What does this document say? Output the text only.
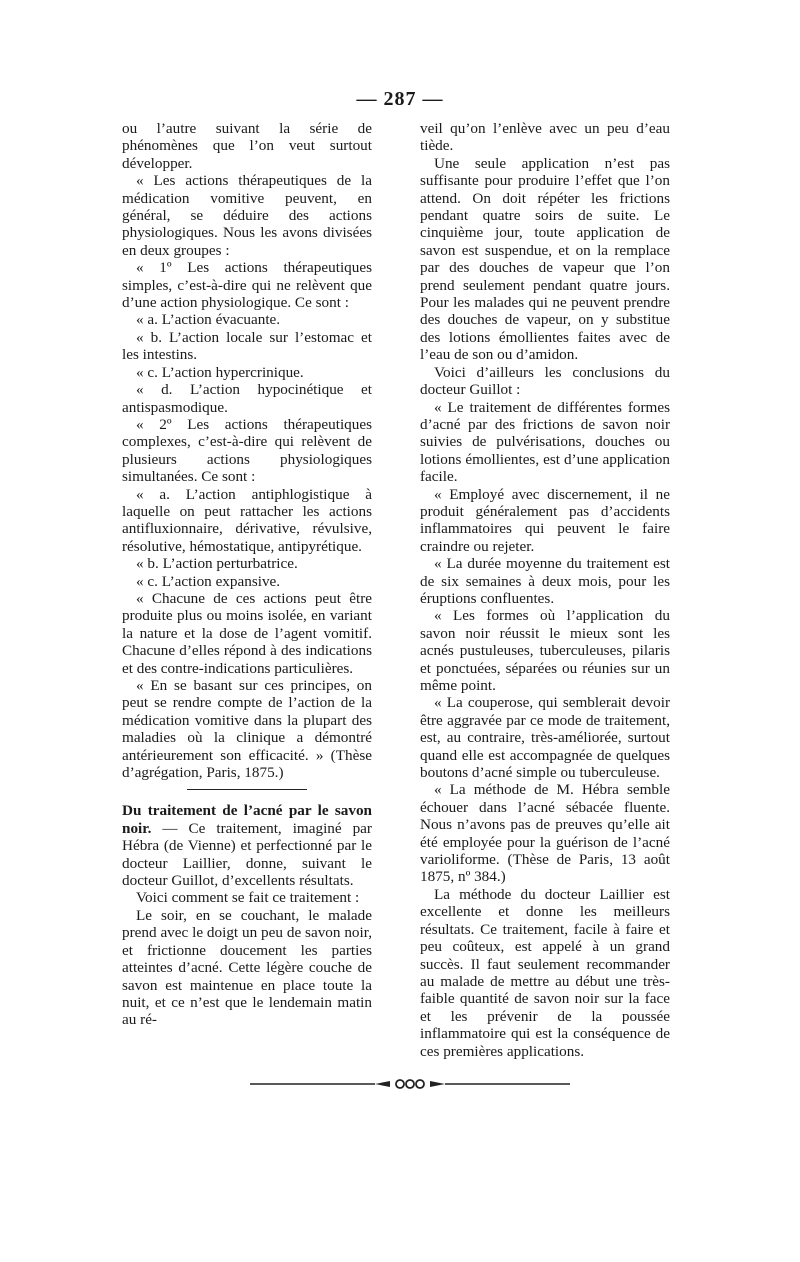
— 287 —

ou l’autre suivant la série de phénomènes que l’on veut surtout développer.

« Les actions thérapeutiques de la médication vomitive peuvent, en général, se déduire des actions physiologiques. Nous les avons divisées en deux groupes :

« 1º Les actions thérapeutiques simples, c’est-à-dire qui ne relèvent que d’une action physiologique. Ce sont :

« a. L’action évacuante.

« b. L’action locale sur l’estomac et les intestins.

« c. L’action hypercrinique.

« d. L’action hypocinétique et antispasmodique.

« 2º Les actions thérapeutiques complexes, c’est-à-dire qui relèvent de plusieurs actions physiologiques simultanées. Ce sont :

« a. L’action antiphlogistique à laquelle on peut rattacher les actions antifluxionnaire, dérivative, révulsive, résolutive, hémostatique, antipyrétique.

« b. L’action perturbatrice.

« c. L’action expansive.

« Chacune de ces actions peut être produite plus ou moins isolée, en variant la nature et la dose de l’agent vomitif. Chacune d’elles répond à des indications et des contre-indications particulières.

« En se basant sur ces principes, on peut se rendre compte de l’action de la médication vomitive dans la plupart des maladies où la clinique a démontré antérieurement son efficacité. » (Thèse d’agrégation, Paris, 1875.)

Du traitement de l’acné par le savon noir. — Ce traitement, imaginé par Hébra (de Vienne) et perfectionné par le docteur Laillier, donne, suivant le docteur Guillot, d’excellents résultats.

Voici comment se fait ce traitement :

Le soir, en se couchant, le malade prend avec le doigt un peu de savon noir, et frictionne doucement les parties atteintes d’acné. Cette légère couche de savon est maintenue en place toute la nuit, et ce n’est que le lendemain matin au ré-

veil qu’on l’enlève avec un peu d’eau tiède.

Une seule application n’est pas suffisante pour produire l’effet que l’on attend. On doit répéter les frictions pendant quatre soirs de suite. Le cinquième jour, toute application de savon est suspendue, et on la remplace par des douches de vapeur que l’on prend seulement pendant quatre jours. Pour les malades qui ne peuvent prendre des douches de vapeur, on y substitue des lotions émollientes faites avec de l’eau de son ou d’amidon.

Voici d’ailleurs les conclusions du docteur Guillot :

« Le traitement de différentes formes d’acné par des frictions de savon noir suivies de pulvérisations, douches ou lotions émollientes, est d’une application facile.

« Employé avec discernement, il ne produit généralement pas d’accidents inflammatoires qui peuvent le faire craindre ou rejeter.

« La durée moyenne du traitement est de six semaines à deux mois, pour les éruptions confluentes.

« Les formes où l’application du savon noir réussit le mieux sont les acnés pustuleuses, tuberculeuses, pilaris et ponctuées, séparées ou réunies sur un même point.

« La couperose, qui semblerait devoir être aggravée par ce mode de traitement, est, au contraire, très-améliorée, surtout quand elle est accompagnée de quelques boutons d’acné simple ou tuberculeuse.

« La méthode de M. Hébra semble échouer dans l’acné sébacée fluente. Nous n’avons pas de preuves qu’elle ait été employée pour la guérison de l’acné varioliforme. (Thèse de Paris, 13 août 1875, nº 384.)

La méthode du docteur Laillier est excellente et donne les meilleurs résultats. Ce traitement, facile à faire et peu coûteux, est appelé à un grand succès. Il faut seulement recommander au malade de mettre au début une très-faible quantité de savon noir sur la face et les prévenir de la poussée inflammatoire qui est la conséquence de ces premières applications.
